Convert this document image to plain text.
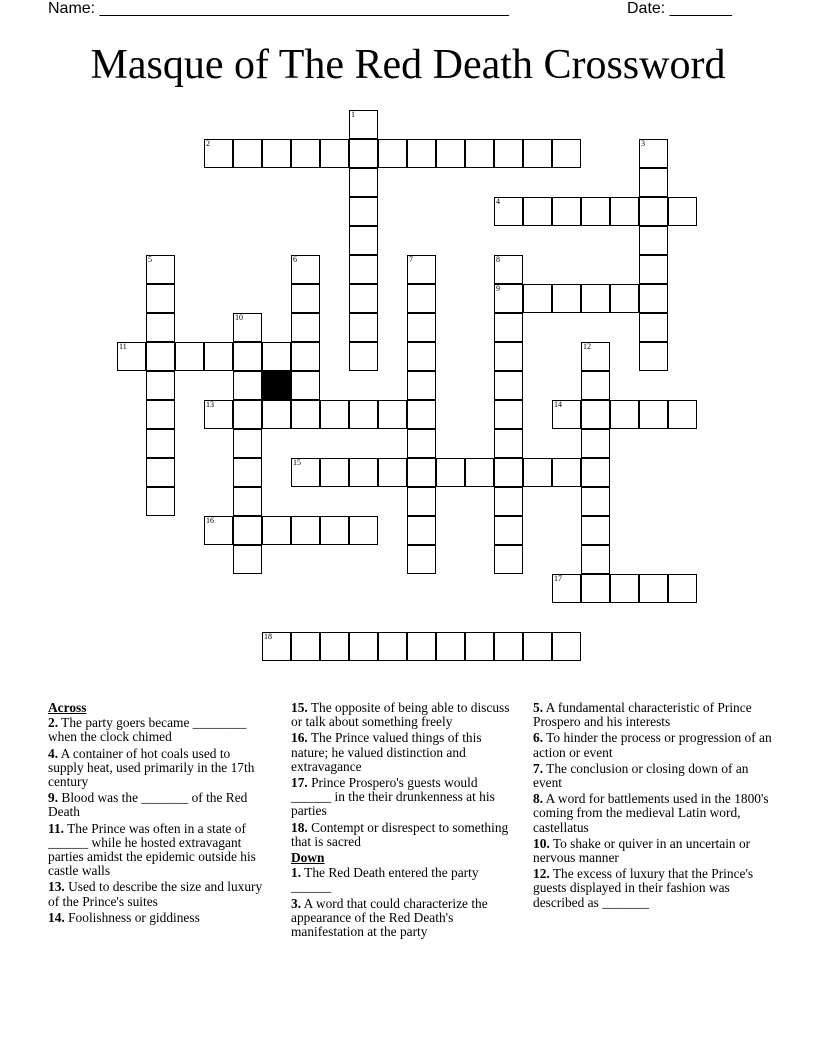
Name: ______________________________________________	Date: _______
Masque of The Red Death Crossword
1
2	3
4
5	6	7	8
9
10
11	12
13	14
15
16
17
18
Across
2. The party goers became ________ when the clock chimed
4. A container of hot coals used to supply heat, used primarily in the 17th century
9. Blood was the _______ of the Red Death
11. The Prince was often in a state of ______ while he hosted extravagant parties amidst the epidemic outside his castle walls
13. Used to describe the size and luxury of the Prince's suites
14. Foolishness or giddiness
15. The opposite of being able to discuss or talk about something freely
16. The Prince valued things of this nature; he valued distinction and extravagance
17. Prince Prospero's guests would ______ in the their drunkenness at his parties
18. Contempt or disrespect to something that is sacred
Down
1. The Red Death entered the party ______
3. A word that could characterize the appearance of the Red Death's manifestation at the party
5. A fundamental characteristic of Prince Prospero and his interests
6. To hinder the process or progression of an action or event
7. The conclusion or closing down of an event
8. A word for battlements used in the 1800's coming from the medieval Latin word, castellatus
10. To shake or quiver in an uncertain or nervous manner
12. The excess of luxury that the Prince's guests displayed in their fashion was described as _______
